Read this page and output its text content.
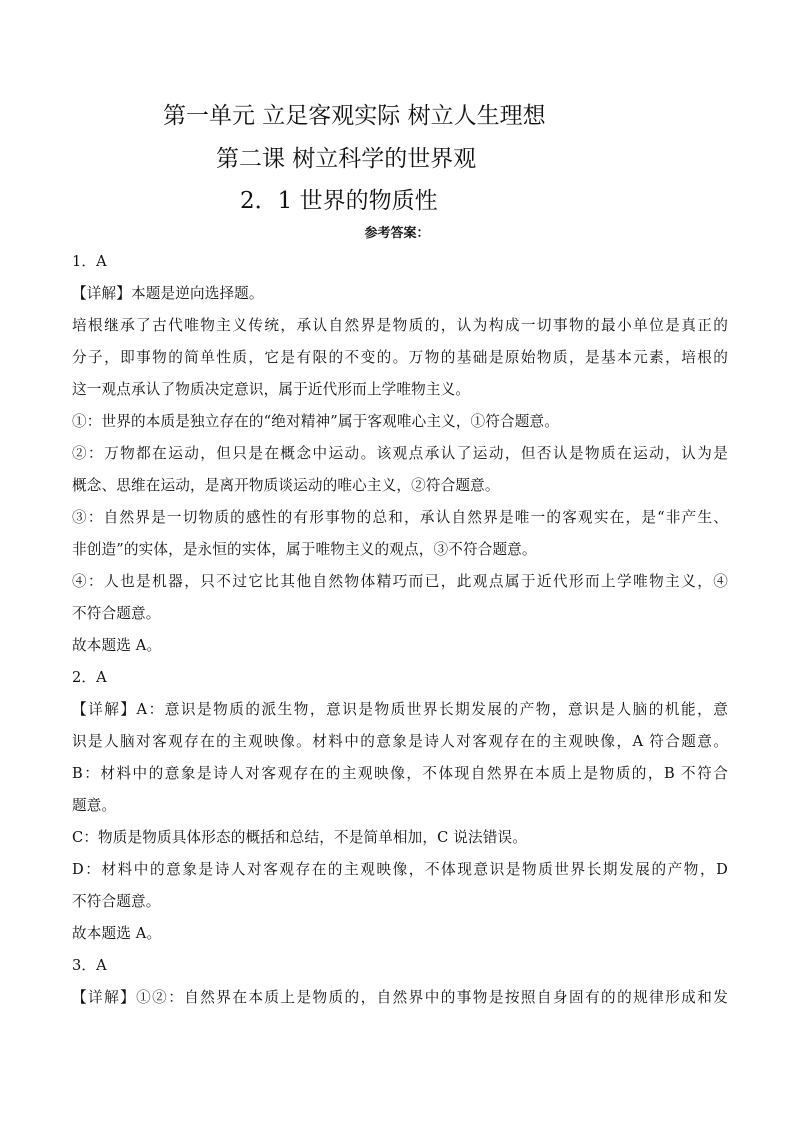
第一单元 立足客观实际 树立人生理想
第二课 树立科学的世界观
2．1 世界的物质性
参考答案：
1．A
【详解】本题是逆向选择题。
培根继承了古代唯物主义传统，承认自然界是物质的，认为构成一切事物的最小单位是真正的
分子，即事物的简单性质，它是有限的不变的。万物的基础是原始物质，是基本元素，培根的
这一观点承认了物质决定意识，属于近代形而上学唯物主义。
①：世界的本质是独立存在的“绝对精神”属于客观唯心主义，①符合题意。
②：万物都在运动，但只是在概念中运动。该观点承认了运动，但否认是物质在运动，认为是
概念、思维在运动，是离开物质谈运动的唯心主义，②符合题意。
③：自然界是一切物质的感性的有形事物的总和，承认自然界是唯一的客观实在，是“非产生、
非创造”的实体，是永恒的实体，属于唯物主义的观点，③不符合题意。
④：人也是机器，只不过它比其他自然物体精巧而已，此观点属于近代形而上学唯物主义，④
不符合题意。
故本题选 A。
2．A
【详解】A：意识是物质的派生物，意识是物质世界长期发展的产物，意识是人脑的机能，意
识是人脑对客观存在的主观映像。材料中的意象是诗人对客观存在的主观映像，A 符合题意。
B：材料中的意象是诗人对客观存在的主观映像，不体现自然界在本质上是物质的，B 不符合
题意。
C：物质是物质具体形态的概括和总结，不是简单相加，C 说法错误。
D：材料中的意象是诗人对客观存在的主观映像，不体现意识是物质世界长期发展的产物，D
不符合题意。
故本题选 A。
3．A
【详解】①②：自然界在本质上是物质的，自然界中的事物是按照自身固有的的规律形成和发
